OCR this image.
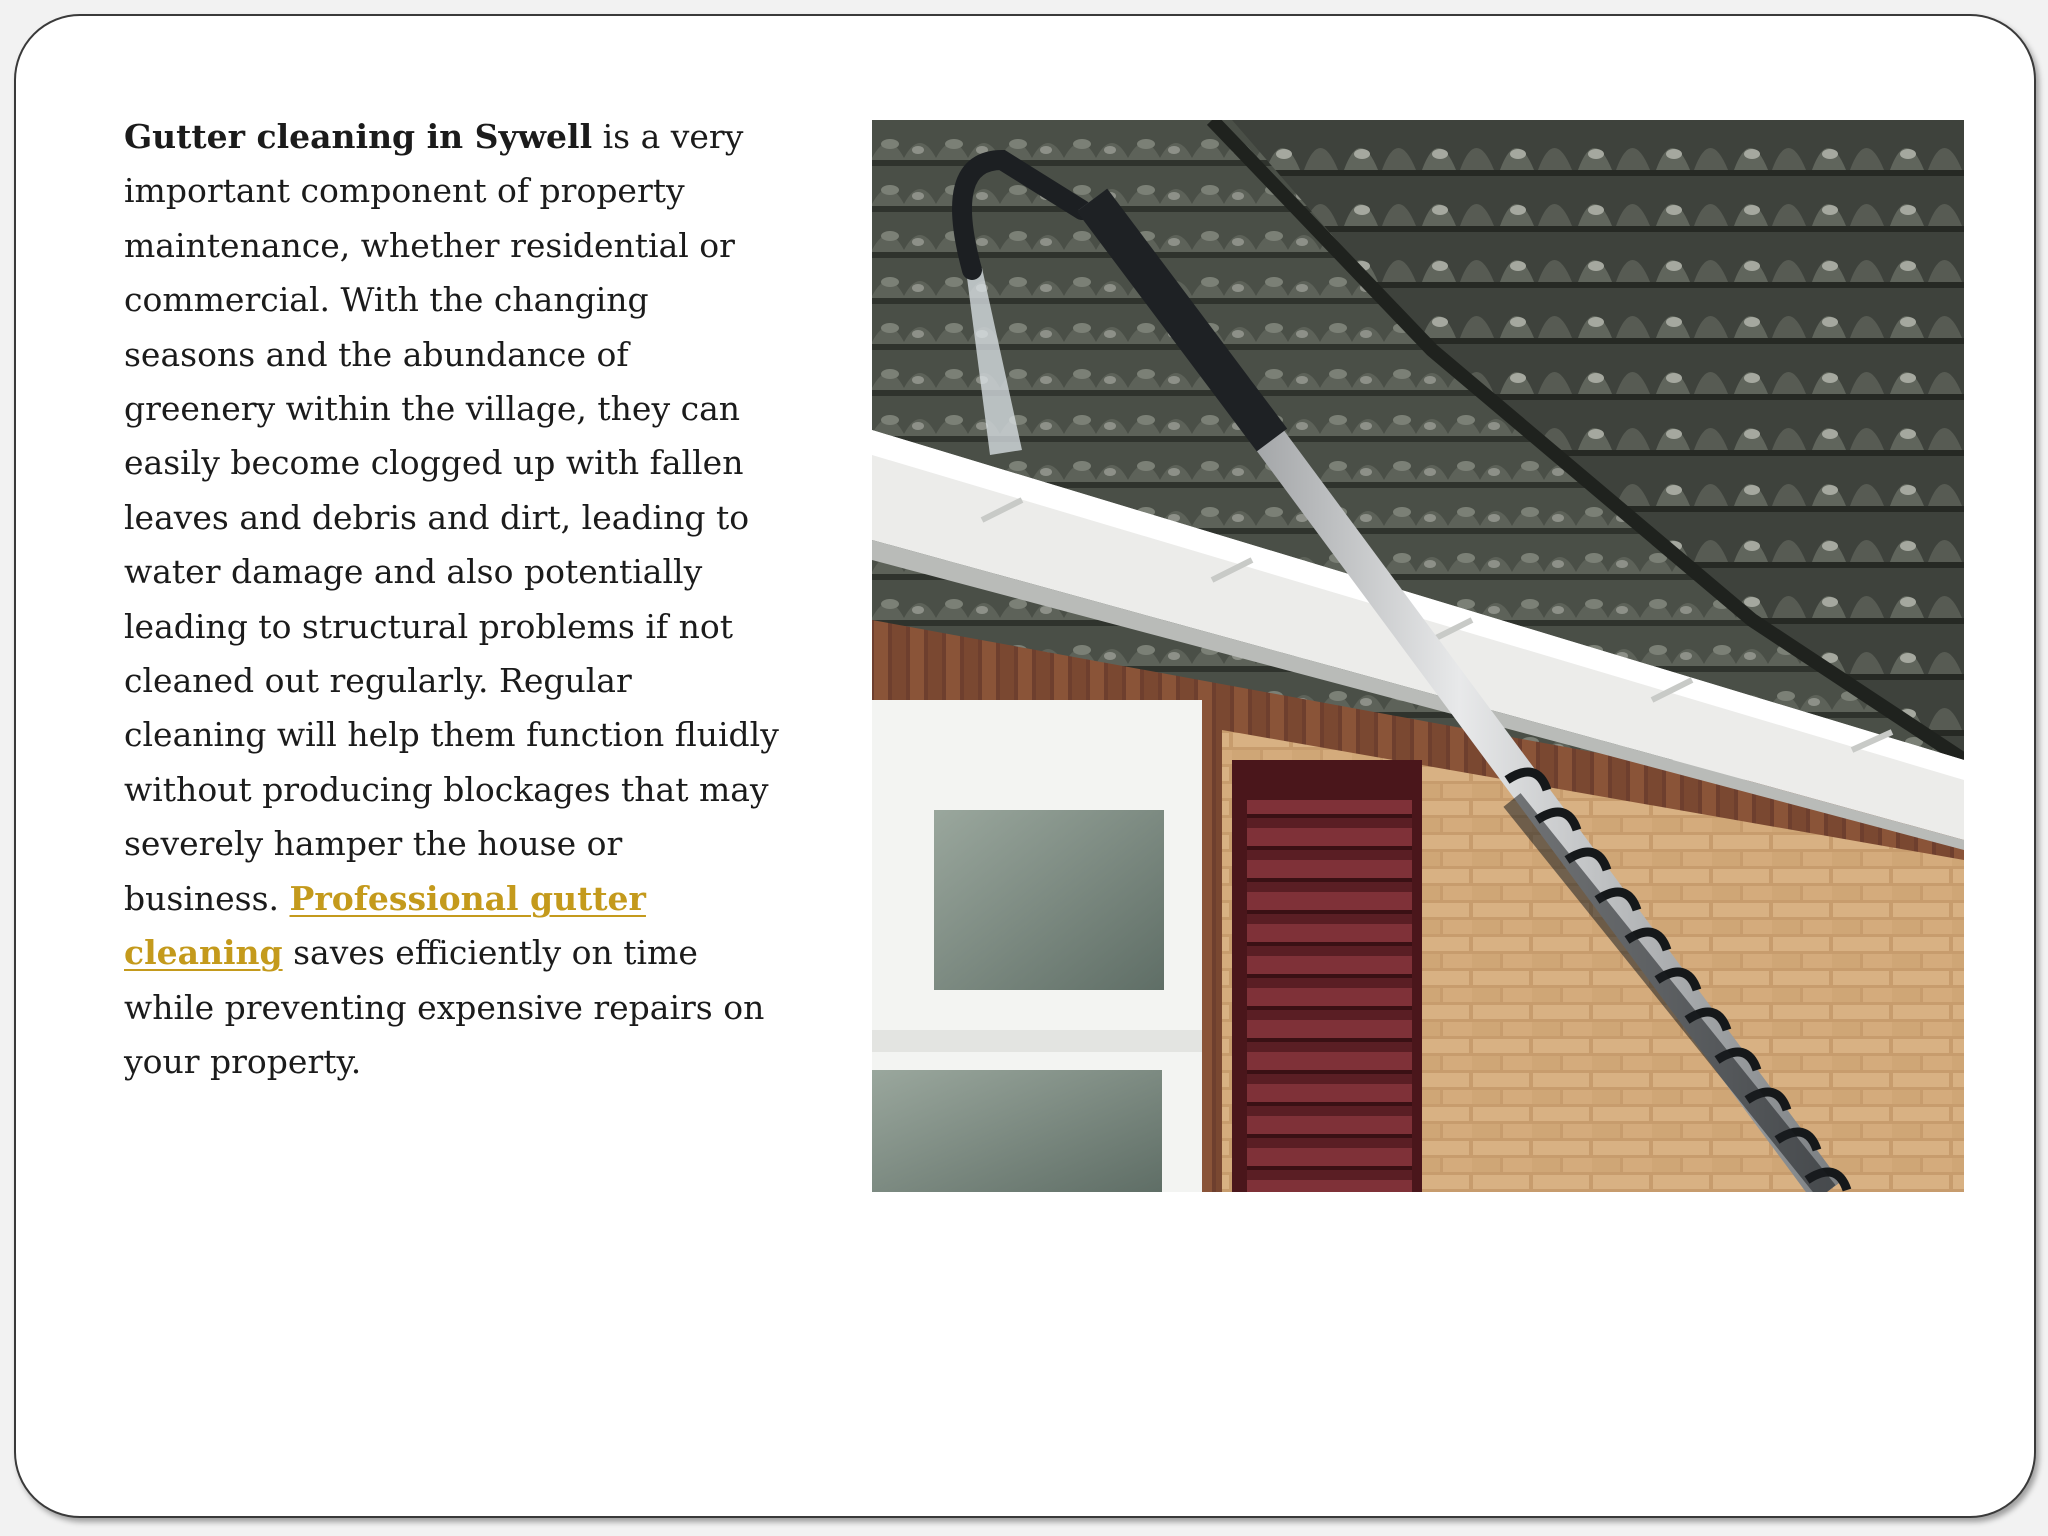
Gutter cleaning in Sywell is a very important component of property maintenance, whether residential or commercial. With the changing seasons and the abundance of greenery within the village, they can easily become clogged up with fallen leaves and debris and dirt, leading to water damage and also potentially leading to structural problems if not cleaned out regularly. Regular cleaning will help them function fluidly without producing blockages that may severely hamper the house or business. Professional gutter cleaning saves efficiently on time while preventing expensive repairs on your property.
